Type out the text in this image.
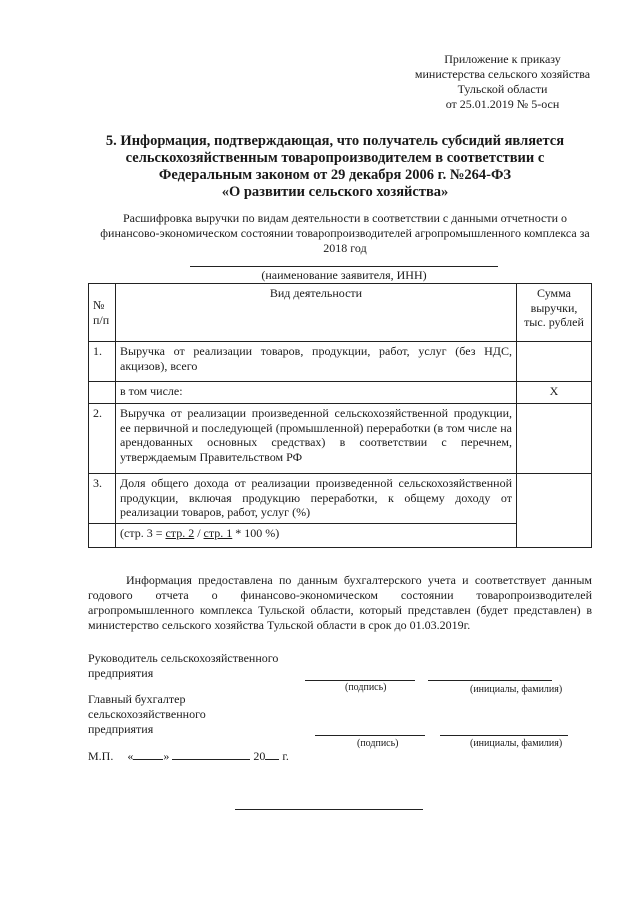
Приложение к приказу
министерства сельского хозяйства
Тульской области
от 25.01.2019 № 5-осн
5. Информация, подтверждающая, что получатель субсидий является
сельскохозяйственным товаропроизводителем в соответствии с
Федеральным законом от 29 декабря 2006 г. №264-ФЗ
«О развитии сельского хозяйства»
Расшифровка выручки по видам деятельности в соответствии с данными отчетности о финансово-экономическом состоянии товаропроизводителей агропромышленного комплекса за 2018 год
(наименование заявителя, ИНН)
№ п/п	Вид деятельности	Сумма выручки, тыс. рублей
1.	Выручка от реализации товаров, продукции, работ, услуг (без НДС, акцизов), всего	
	в том числе:	X
2.	Выручка от реализации произведенной сельскохозяйственной продукции, ее первичной и последующей (промышленной) переработки (в том числе на арендованных основных средствах) в соответствии с перечнем, утверждаемым Правительством РФ	
3.	Доля общего дохода от реализации произведенной сельскохозяйственной продукции, включая продукцию переработки, к общему доходу от реализации товаров, работ, услуг (%)	
	(стр. 3 = стр. 2 / стр. 1 * 100 %)	
Информация предоставлена по данным бухгалтерского учета и соответствует данным годового отчета о финансово-экономическом состоянии товаропроизводителей агропромышленного комплекса Тульской области, который представлен (будет представлен) в министерство сельского хозяйства Тульской области в срок до 01.03.2019г.
Руководитель сельскохозяйственного
предприятия
(подпись)	(инициалы, фамилия)
Главный бухгалтер
сельскохозяйственного
предприятия
(подпись)	(инициалы, фамилия)
М.П. «	»	20 г.
